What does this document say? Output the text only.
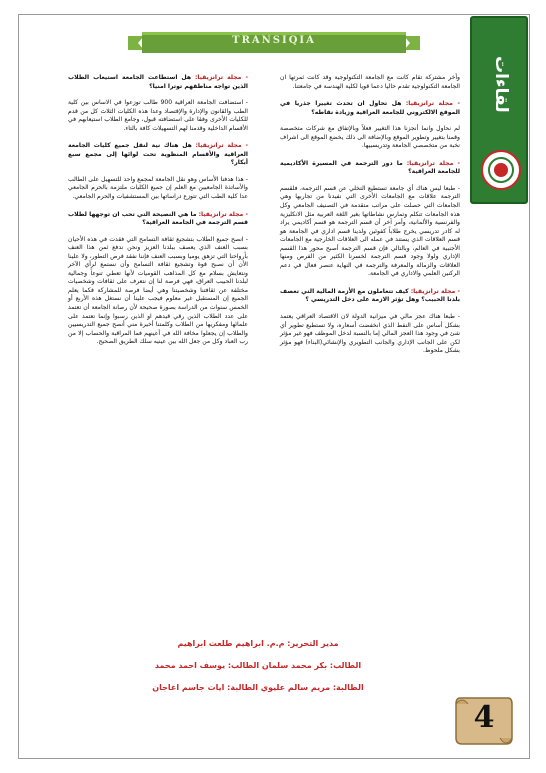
TRANSIQIA
لقاءات صحفية
وأخر مشتركة تقام كانت مع الجامعة التكنولوجية وقد كانت ثمرتها ان الجامعة التكنولوجية تقدم حاليا دعما قويا لكلية الهندسة في جامعتنا.
- مجلة ترانزيقيا: هل تحاول ان تحدث تغييرا جذريا في الموقع الالكتروني للجامعة العراقية وزيادة نقاطه؟
لم نحاول وانما أنجزنا هذا التغيير فعلاً وبالإتفاق مع شركات متخصصة وقمنا بتغيير وتطوير الموقع وبالإضافة الى ذلك يخضع الموقع الى اشراف نخبة من متخصصي الجامعة وتدريسييها.
- مجلة ترانزيقيا: ما دور الترجمة في المسيرة الأكاديمية للجامعة العراقية؟
- طبعا ليس هناك أي جامعة تستطيع التخلي عن قسم الترجمة، فلقسم الترجمة علاقات مع الجامعات الأخرى التي نفيدنا من تجاربها وهي الجامعات التي حصلت على مراتب متقدمة في التصنيف الجامعي وكل هذه الجامعات تتكلم وتمارس نشاطاتها بغير اللغة العربية مثل الانكليزية والفرنسية والألمانية، وأمر آخر أن قسم الترجمة هو قسم أكاديمي يراد له كادر تدريسي يخرج طلاباً كفوئين ولدينا قسم اداري في الجامعة هو قسم العلاقات الذي يستند في عمله الى العلاقات الخارجية مع الجامعات الأجنبية في العالم، وبالتالي فإن قسم الترجمة أصبح محور هذا القسم الإداري ولولا وجود قسم الترجمة لخسرنا الكثير من الفرص ومنها العلاقات والزمالة والمعرفة والترجمة في النهاية عنصر فعال في دعم الركنين العلمي والاداري في الجامعة.
- مجلة ترانزيقيا: كيف تتعاملون مع الأزمة المالية التي تعصف بلدنا الحبيب؟ وهل تؤثر الازمة على دخل التدريسي ؟
- طبعا هناك عجز مالي في ميزانية الدولة لان الاقتصاد العراقي يعتمد بشكل أساس على النفط الذي انخفضت أسعاره، ولا تستطيع تطوير أي شئ في وجود هذا العجز المالي إما بالنسبة لدخل الموظف فهو غير مؤثر لكن على الجانب الإداري والجانب التطويري والإنشائي(البناء) فهو مؤثر بشكل ملحوظ.
- مجلة ترانزيقيا: هل استطاعت الجامعة استيعاب الطلاب الذين تواجه مناطقهم توترا امنيا؟
- استضافت الجامعة العراقية 900 طالب توزعوا في الاساس بين كلية الطب والقانون والإدارة والإقتصاد وعدا هذه الكليات الثلاث كل من قدم للكليات الأخرى وفقا على استضافته قبول، وجامع الطلاب استيعابهم في الأقسام الداخلية وقدمنا لهم التسهيلات كافة بالتاء.
- مجلة ترانزيقيا: هل هناك نية لنقل جميع كليات الجامعة العراقية والأقسام المنظوية تحت لوائها إلى مجمع سبع أبكار؟
- هذا هدفنا الأساس وهو نقل الجامعة لمجمع واحد للتسهيل على الطالب والأساتذة الجامعيين مع العلم إن جميع الكليات ملتزمة بالحرم الجامعي عدا كلية الطب التي تتوزع دراساتها بين المستشفيات والحرم الجامعي.
- مجلة ترانزيقيا: ما هي النصيحة التي تحب ان توجهها لطلاب قسم الترجمة في الجامعة العراقية؟
- انصح جميع الطلاب بتشجيع ثقافة التسامح التي فقدت في هذه الأحيان بسبب العنف الذي يعصف ببلدنا العزيز ونحن ندفع ثمن هذا العنف بأرواحنا التي تزهق يوميا وبسبب العنف فإننا نفقد فرص التطور، ولا علينا الأن أن نصبح قوة وتشجيع ثقافة التسامح وأن نستمع لرأي الآخر ونتعايش بسلام مع كل المذاهب القوميات لأنها تعطي تنوعاً وجمالية لبلدنا الحبيب العراق، فهي فرصة لنا إن نتعرف على ثقافات وشخصيات مختلفة عن ثقافتنا وشخصيتنا وهي أيضا فرصة للمشاركة فكما يعلم الجميع إن المستقبل غير معلوم فيجب علينا أن نستغل هذه الأربع أو الخمس سنوات من الدراسة بصورة صحيحة لأن رصانة الجامعة أن تعتمد على عدد الطلاب الذين رقي قيدهم او الذين رسبوا وإنما تعتمد على علمائها ومفكريها من الطلاب وكلمتنا أخيرة مني أنصح جميع التدريسيين والطلاب إن يجعلوا مخافة الله في أعينهم فما المراقبة والحساب إلا من رب العباد وكل من جعل الله بين عينيه سلك الطريق الصحيح.
مدير التحرير: م.م. ابراهيم طلعت ابراهيم
الطالب: بكر محمد سلمان الطالب: يوسف احمد محمد
الطالبة: مريم سالم عليوي الطالبة: ايات جاسم اغاجان
4
